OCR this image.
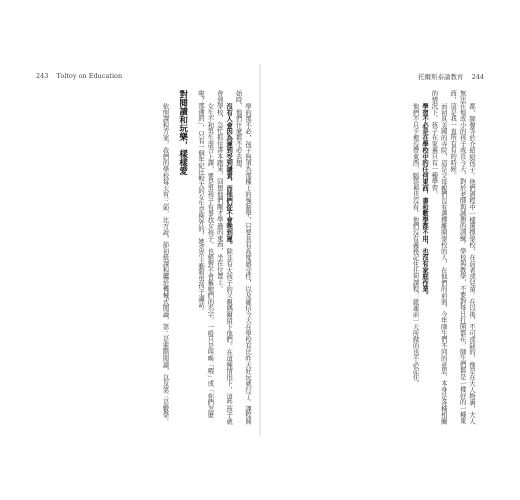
243 Toltoy on Education

學的那不必，孩子無須為那種上的強制學，只要具有高度感受性，以及確信今天在學校有比昨天好玩就行了。課程開始時，他們什麼都不必去想。

沒有人會因為遲到受到譴責，而他們從不會晚到遲。除非有大孩子的父親偶爾留下他們。在這種情形下，這些孩子就會到學校，急忙抓住書本跑來，回想他們剛才學過的東西，坐在位置上。

女生不和男生混合上課，要是男孩子有事找女孩子，也絕對不會稱她們的名字，一般只是叫喚「喂」或「你們怎麼啦？那邊的」，只有一個年紀比較大的女生是例外的，她常常主動和男孩子講話。

對閱讀和玩樂，樣樣愛

依照課程方案，我們的學校每天有三節，比方說，節初級課程屬於機械式閱讀，第二是進階閱讀，以及第三是數學。

托爾斯泰論教育 244

都，師聲等於介紹給孩子。他們過程中一樣選擇學校，在前者或兒童。在以後，不可或缺的。像是在大人物裏，大人無法在他或小的孩子成長今天，對於老師與誠懇的訓練。學校與教學，不要對每日打開都在，師生們都是一樣好的一種東西，這是我一直所有有的時候。

而初具美國的寺院，這是父母親們沒有選擇離開學校的人，在他們的前面，今年師生們不同的意思，本身是各種相關的情況下，孩子在家裏只有一種學習。

學習不必是在學校中的任何東西，書和數學都不用，也沒有家庭作業。

他們不只手裡沒帶東西，腦袋裡也沒有。他們沒有義務記住任何課程，就連前一天所做的也不必記住。
